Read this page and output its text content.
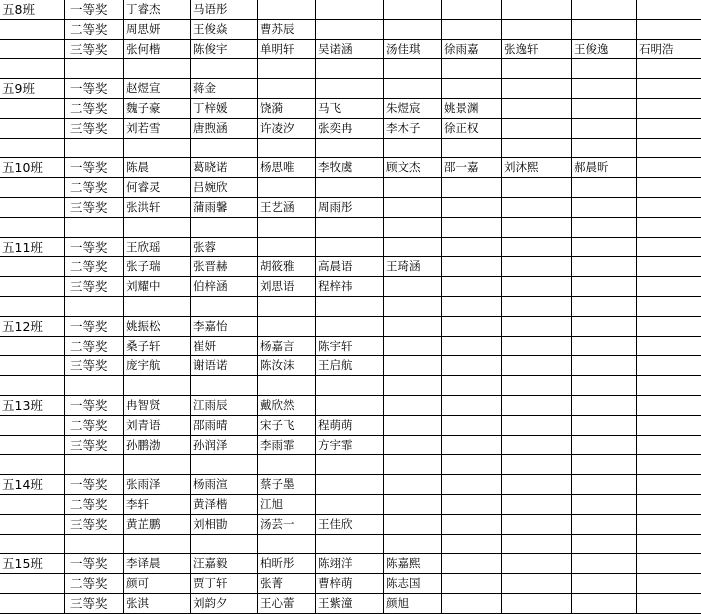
五8班	一等奖	丁睿杰	马语彤
二等奖	周思妍	王俊焱	曹苏辰
三等奖	张何楷	陈俊宇	单明轩	吴诺涵	汤佳琪	徐雨嘉	张逸轩	王俊逸	石明浩
五9班	一等奖	赵煜宣	蒋金
二等奖	魏子豪	丁梓媛	饶漪	马飞	朱煜宸	姚景渊
三等奖	刘若雪	唐煦涵	许凌汐	张奕冉	李木子	徐正权
五10班	一等奖	陈晨	葛晓诺	杨思唯	李牧虞	顾文杰	邵一嘉	刘沐熙	郝晨昕
二等奖	何睿灵	吕婉欣
三等奖	张洪轩	蒲雨馨	王艺涵	周雨彤
五11班	一等奖	王欣瑶	张蓉
二等奖	张子瑞	张晋赫	胡筱雅	高晨语	王琦涵
三等奖	刘耀中	伯梓涵	刘思语	程梓祎
五12班	一等奖	姚振松	李嘉怡
二等奖	桑子轩	崔妍	杨嘉言	陈宇轩
三等奖	庞宇航	谢语诺	陈汝沫	王启航
五13班	一等奖	冉智贤	江雨辰	戴欣然
二等奖	刘青语	邵雨晴	宋子飞	程萌萌
三等奖	孙鹏渤	孙润泽	李雨霏	方宇霏
五14班	一等奖	张雨泽	杨雨渲	蔡子墨
二等奖	李轩	黄泽楷	江旭
三等奖	黄芷鹏	刘相勖	汤芸一	王佳欣
五15班	一等奖	李译晨	汪嘉毅	柏昕彤	陈翊洋	陈嘉熙
二等奖	颜可	贾丁轩	张菁	曹梓萌	陈志国
三等奖	张淇	刘韵夕	王心蕾	王紫潼	颜旭
